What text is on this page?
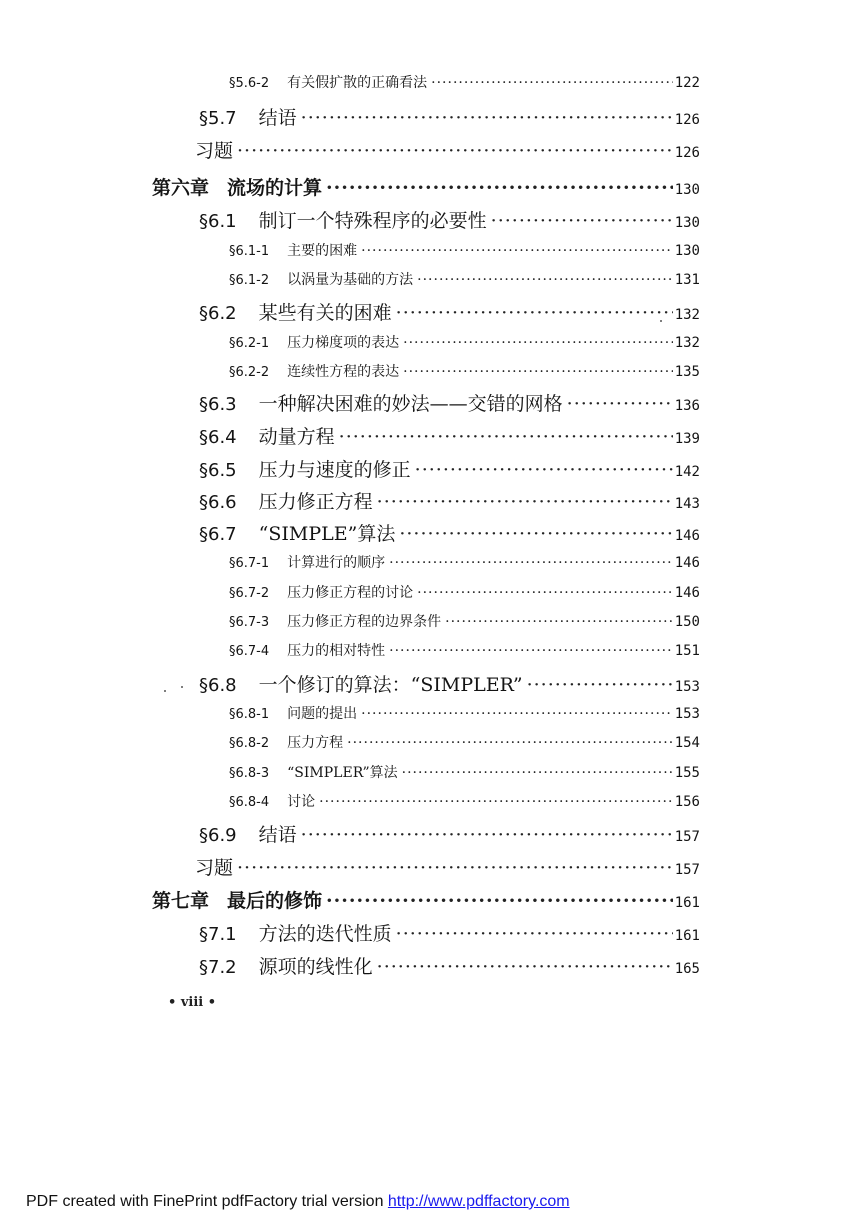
§5.6-2 有关假扩散的正确看法 ·····	122
§5.7 结语 ·····	126
习题 ·····	126
第六章 流场的计算 ·····	130
§6.1 制订一个特殊程序的必要性 ·····	130
§6.1-1 主要的困难 ·····	130
§6.1-2 以涡量为基础的方法 ·····	131
§6.2 某些有关的困难 ·····	132
§6.2-1 压力梯度项的表达 ·····	132
§6.2-2 连续性方程的表达 ·····	135
§6.3 一种解决困难的妙法——交错的网格 ·····	136
§6.4 动量方程 ·····	139
§6.5 压力与速度的修正 ·····	142
§6.6 压力修正方程 ·····	143
§6.7 “SIMPLE”算法 ·····	146
§6.7-1 计算进行的顺序 ·····	146
§6.7-2 压力修正方程的讨论 ·····	146
§6.7-3 压力修正方程的边界条件 ·····	150
§6.7-4 压力的相对特性 ·····	151
§6.8 一个修订的算法：“SIMPLER” ·····	153
§6.8-1 问题的提出 ·····	153
§6.8-2 压力方程 ·····	154
§6.8-3 “SIMPLER”算法 ·····	155
§6.8-4 讨论 ·····	156
§6.9 结语 ·····	157
习题 ·····	157
第七章 最后的修饰 ·····	161
§7.1 方法的迭代性质 ·····	161
§7.2 源项的线性化 ·····	165
• viii •
PDF created with FinePrint pdfFactory trial version http://www.pdffactory.com
